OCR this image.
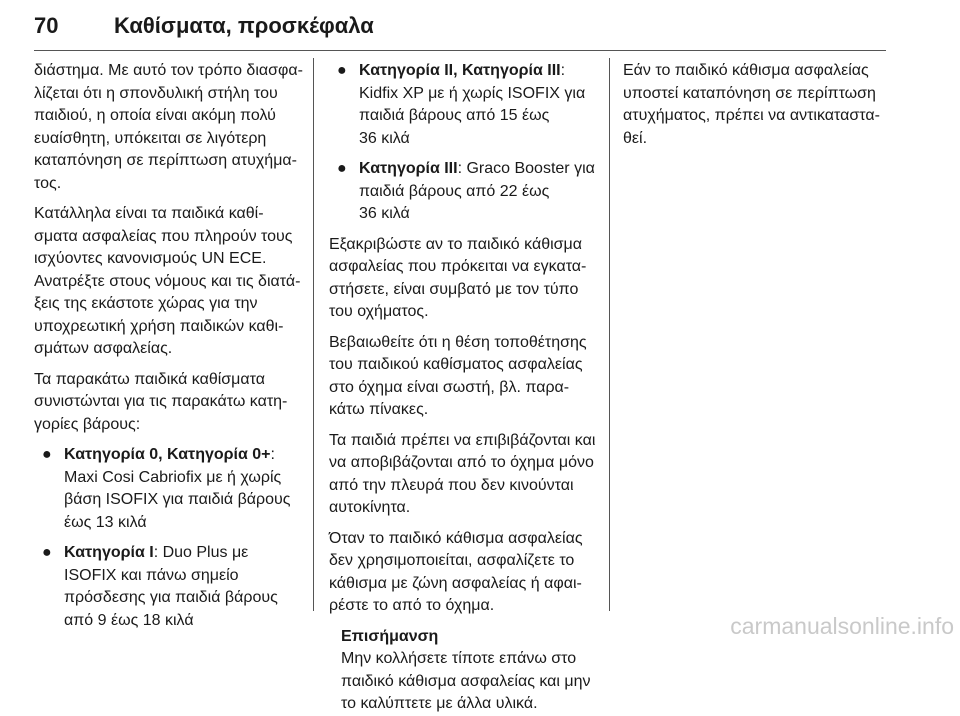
70	Καθίσματα, προσκέφαλα

διάστημα. Με αυτό τον τρόπο διασφα-
λίζεται ότι η σπονδυλική στήλη του
παιδιού, η οποία είναι ακόμη πολύ
ευαίσθητη, υπόκειται σε λιγότερη
καταπόνηση σε περίπτωση ατυχήμα-
τος.

Κατάλληλα είναι τα παιδικά καθί-
σματα ασφαλείας που πληρούν τους
ισχύοντες κανονισμούς UN ECE.
Ανατρέξτε στους νόμους και τις διατά-
ξεις της εκάστοτε χώρας για την
υποχρεωτική χρήση παιδικών καθι-
σμάτων ασφαλείας.

Τα παρακάτω παιδικά καθίσματα
συνιστώνται για τις παρακάτω κατη-
γορίες βάρους:

● Κατηγορία 0, Κατηγορία 0+:
Maxi Cosi Cabriofix με ή χωρίς
βάση ISOFIX για παιδιά βάρους
έως 13 κιλά
● Κατηγορία I: Duo Plus με
ISOFIX και πάνω σημείο
πρόσδεσης για παιδιά βάρους
από 9 έως 18 κιλά
● Κατηγορία II, Κατηγορία III:
Kidfix XP με ή χωρίς ISOFIX για
παιδιά βάρους από 15 έως
36 κιλά
● Κατηγορία III: Graco Booster για
παιδιά βάρους από 22 έως
36 κιλά

Εξακριβώστε αν το παιδικό κάθισμα
ασφαλείας που πρόκειται να εγκατα-
στήσετε, είναι συμβατό με τον τύπο
του οχήματος.

Βεβαιωθείτε ότι η θέση τοποθέτησης
του παιδικού καθίσματος ασφαλείας
στο όχημα είναι σωστή, βλ. παρα-
κάτω πίνακες.

Τα παιδιά πρέπει να επιβιβάζονται και
να αποβιβάζονται από το όχημα μόνο
από την πλευρά που δεν κινούνται
αυτοκίνητα.

Όταν το παιδικό κάθισμα ασφαλείας
δεν χρησιμοποιείται, ασφαλίζετε το
κάθισμα με ζώνη ασφαλείας ή αφαι-
ρέστε το από το όχημα.

Επισήμανση
Μην κολλήσετε τίποτε επάνω στο
παιδικό κάθισμα ασφαλείας και μην
το καλύπτετε με άλλα υλικά.

Εάν το παιδικό κάθισμα ασφαλείας
υποστεί καταπόνηση σε περίπτωση
ατυχήματος, πρέπει να αντικαταστα-
θεί.

carmanualsonline.info
